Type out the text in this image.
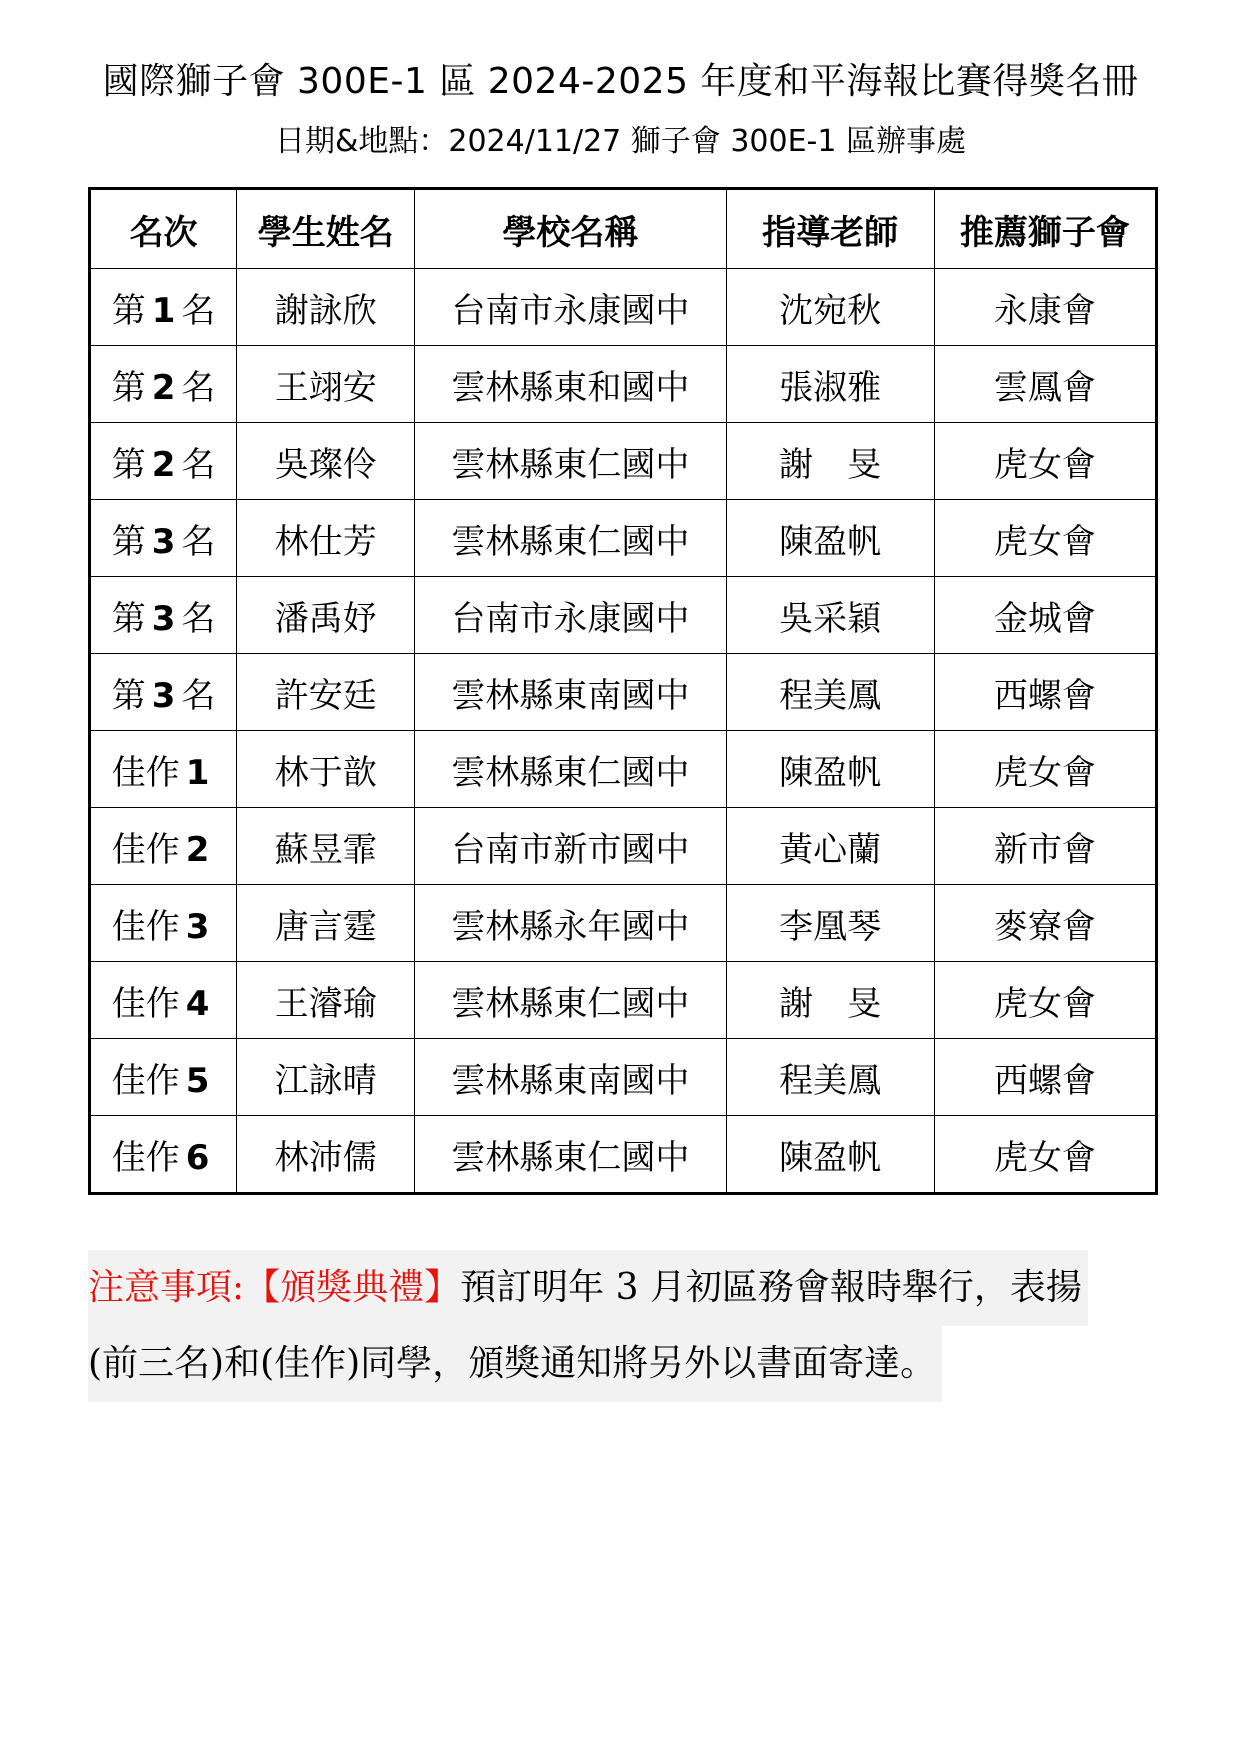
國際獅子會 300E-1 區 2024-2025 年度和平海報比賽得獎名冊
日期&地點：2024/11/27 獅子會 300E-1 區辦事處
名次	學生姓名	學校名稱	指導老師	推薦獅子會
第 1 名	謝詠欣	台南市永康國中	沈宛秋	永康會
第 2 名	王翊安	雲林縣東和國中	張淑雅	雲鳳會
第 2 名	吳璨伶	雲林縣東仁國中	謝　旻	虎女會
第 3 名	林仕芳	雲林縣東仁國中	陳盈帆	虎女會
第 3 名	潘禹妤	台南市永康國中	吳采穎	金城會
第 3 名	許安廷	雲林縣東南國中	程美鳳	西螺會
佳作 1	林于歆	雲林縣東仁國中	陳盈帆	虎女會
佳作 2	蘇昱霏	台南市新市國中	黃心蘭	新市會
佳作 3	唐言霆	雲林縣永年國中	李凰琴	麥寮會
佳作 4	王濬瑜	雲林縣東仁國中	謝　旻	虎女會
佳作 5	江詠晴	雲林縣東南國中	程美鳳	西螺會
佳作 6	林沛儒	雲林縣東仁國中	陳盈帆	虎女會
注意事項:【頒獎典禮】預訂明年 3 月初區務會報時舉行，表揚
(前三名)和(佳作)同學，頒獎通知將另外以書面寄達。
